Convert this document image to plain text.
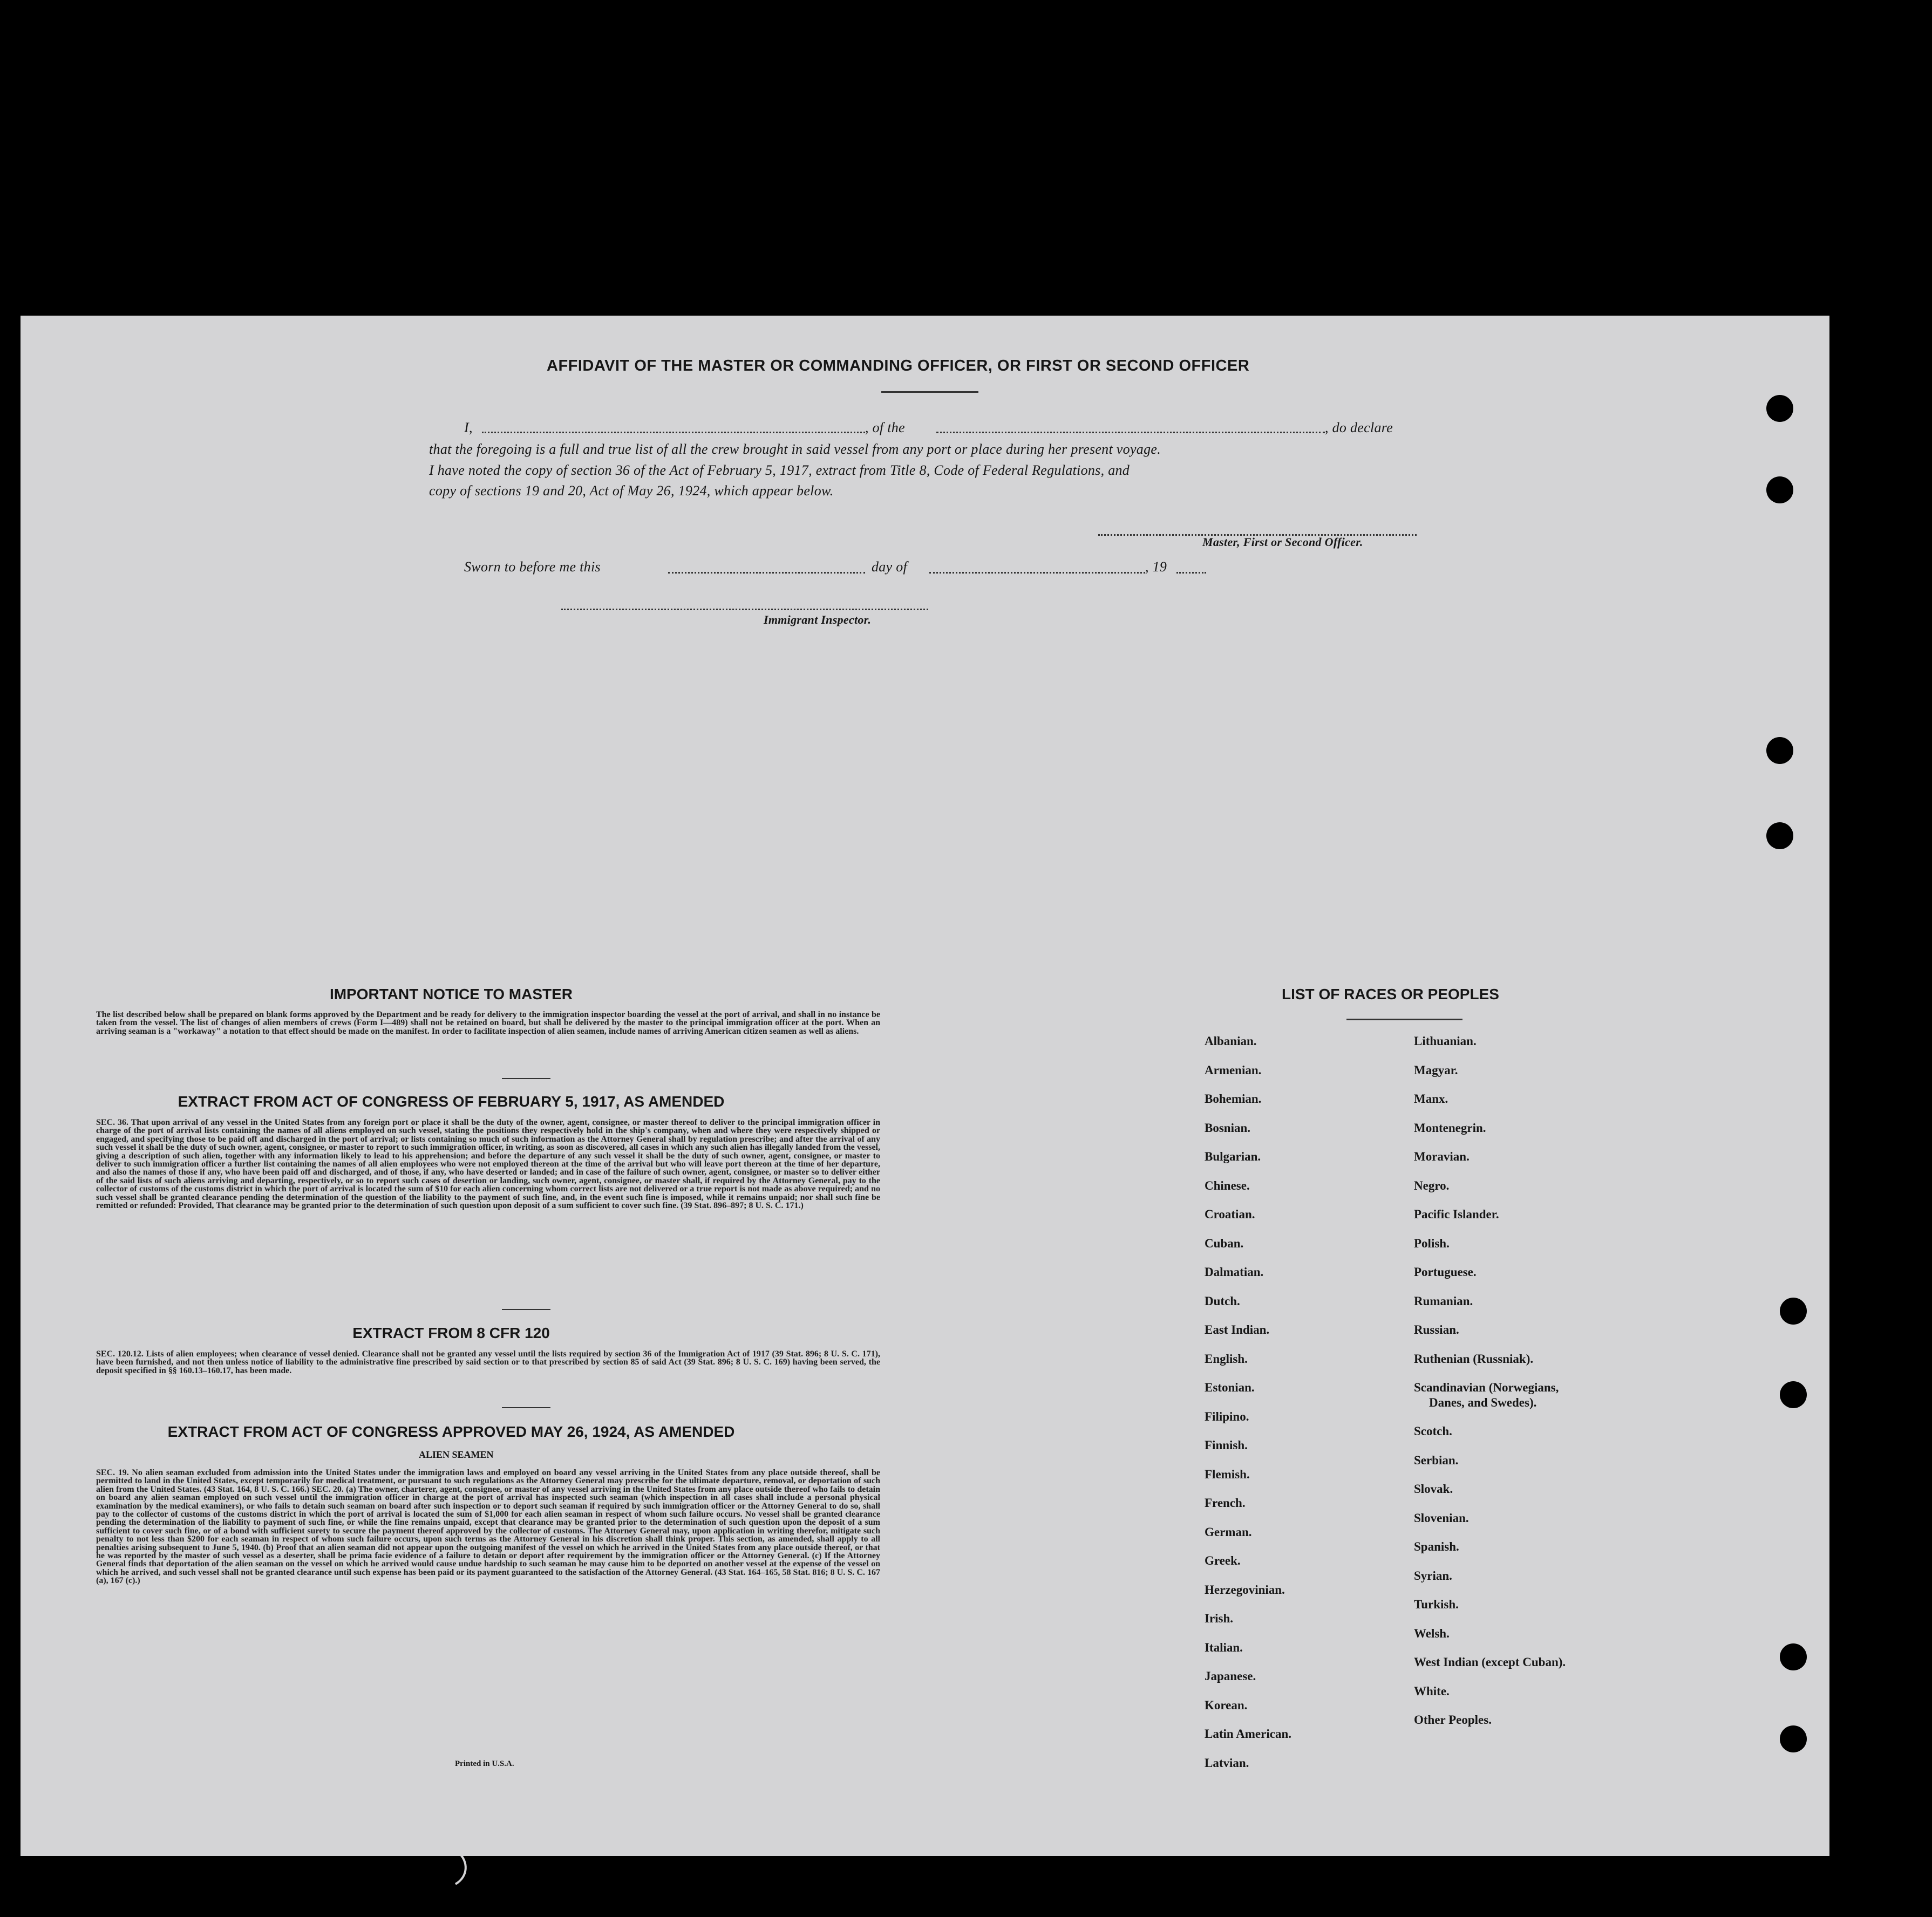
AFFIDAVIT OF THE MASTER OR COMMANDING OFFICER, OR FIRST OR SECOND OFFICER
I,	, of the	, do declare
that the foregoing is a full and true list of all the crew brought in said vessel from any port or place during her present voyage.
I have noted the copy of section 36 of the Act of February 5, 1917, extract from Title 8, Code of Federal Regulations, and
copy of sections 19 and 20, Act of May 26, 1924, which appear below.
Master, First or Second Officer.
Sworn to before me this	day of	, 19
Immigrant Inspector.
IMPORTANT NOTICE TO MASTER
The list described below shall be prepared on blank forms approved by the Department and be ready for delivery to the immigration inspector boarding the vessel at the port of arrival, and shall in no instance be taken from the vessel. The list of changes of alien members of crews (Form I—489) shall not be retained on board, but shall be delivered by the master to the principal immigration officer at the port. When an arriving seaman is a "workaway" a notation to that effect should be made on the manifest. In order to facilitate inspection of alien seamen, include names of arriving American citizen seamen as well as aliens.
EXTRACT FROM ACT OF CONGRESS OF FEBRUARY 5, 1917, AS AMENDED
SEC. 36. That upon arrival of any vessel in the United States from any foreign port or place it shall be the duty of the owner, agent, consignee, or master thereof to deliver to the principal immigration officer in charge of the port of arrival lists containing the names of all aliens employed on such vessel, stating the positions they respectively hold in the ship's company, when and where they were respectively shipped or engaged, and specifying those to be paid off and discharged in the port of arrival; or lists containing so much of such information as the Attorney General shall by regulation prescribe; and after the arrival of any such vessel it shall be the duty of such owner, agent, consignee, or master to report to such immigration officer, in writing, as soon as discovered, all cases in which any such alien has illegally landed from the vessel, giving a description of such alien, together with any information likely to lead to his apprehension; and before the departure of any such vessel it shall be the duty of such owner, agent, consignee, or master to deliver to such immigration officer a further list containing the names of all alien employees who were not employed thereon at the time of the arrival but who will leave port thereon at the time of her departure, and also the names of those if any, who have been paid off and discharged, and of those, if any, who have deserted or landed; and in case of the failure of such owner, agent, consignee, or master so to deliver either of the said lists of such aliens arriving and departing, respectively, or so to report such cases of desertion or landing, such owner, agent, consignee, or master shall, if required by the Attorney General, pay to the collector of customs of the customs district in which the port of arrival is located the sum of $10 for each alien concerning whom correct lists are not delivered or a true report is not made as above required; and no such vessel shall be granted clearance pending the determination of the question of the liability to the payment of such fine, and, in the event such fine is imposed, while it remains unpaid; nor shall such fine be remitted or refunded: Provided, That clearance may be granted prior to the determination of such question upon deposit of a sum sufficient to cover such fine. (39 Stat. 896–897; 8 U. S. C. 171.)
EXTRACT FROM 8 CFR 120
SEC. 120.12. Lists of alien employees; when clearance of vessel denied. Clearance shall not be granted any vessel until the lists required by section 36 of the Immigration Act of 1917 (39 Stat. 896; 8 U. S. C. 171), have been furnished, and not then unless notice of liability to the administrative fine prescribed by said section or to that prescribed by section 85 of said Act (39 Stat. 896; 8 U. S. C. 169) having been served, the deposit specified in §§ 160.13–160.17, has been made.
EXTRACT FROM ACT OF CONGRESS APPROVED MAY 26, 1924, AS AMENDED
ALIEN SEAMEN
SEC. 19. No alien seaman excluded from admission into the United States under the immigration laws and employed on board any vessel arriving in the United States from any place outside thereof, shall be permitted to land in the United States, except temporarily for medical treatment, or pursuant to such regulations as the Attorney General may prescribe for the ultimate departure, removal, or deportation of such alien from the United States. (43 Stat. 164, 8 U. S. C. 166.) SEC. 20. (a) The owner, charterer, agent, consignee, or master of any vessel arriving in the United States from any place outside thereof who fails to detain on board any alien seaman employed on such vessel until the immigration officer in charge at the port of arrival has inspected such seaman (which inspection in all cases shall include a personal physical examination by the medical examiners), or who fails to detain such seaman on board after such inspection or to deport such seaman if required by such immigration officer or the Attorney General to do so, shall pay to the collector of customs of the customs district in which the port of arrival is located the sum of $1,000 for each alien seaman in respect of whom such failure occurs. No vessel shall be granted clearance pending the determination of the liability to payment of such fine, or while the fine remains unpaid, except that clearance may be granted prior to the determination of such question upon the deposit of a sum sufficient to cover such fine, or of a bond with sufficient surety to secure the payment thereof approved by the collector of customs. The Attorney General may, upon application in writing therefor, mitigate such penalty to not less than $200 for each seaman in respect of whom such failure occurs, upon such terms as the Attorney General in his discretion shall think proper. This section, as amended, shall apply to all penalties arising subsequent to June 5, 1940. (b) Proof that an alien seaman did not appear upon the outgoing manifest of the vessel on which he arrived in the United States from any place outside thereof, or that he was reported by the master of such vessel as a deserter, shall be prima facie evidence of a failure to detain or deport after requirement by the immigration officer or the Attorney General. (c) If the Attorney General finds that deportation of the alien seaman on the vessel on which he arrived would cause undue hardship to such seaman he may cause him to be deported on another vessel at the expense of the vessel on which he arrived, and such vessel shall not be granted clearance until such expense has been paid or its payment guaranteed to the satisfaction of the Attorney General. (43 Stat. 164–165, 58 Stat. 816; 8 U. S. C. 167 (a), 167 (c).)
Printed in U.S.A.
LIST OF RACES OR PEOPLES
Albanian.
Armenian.
Bohemian.
Bosnian.
Bulgarian.
Chinese.
Croatian.
Cuban.
Dalmatian.
Dutch.
East Indian.
English.
Estonian.
Filipino.
Finnish.
Flemish.
French.
German.
Greek.
Herzegovinian.
Irish.
Italian.
Japanese.
Korean.
Latin American.
Latvian.
Lithuanian.
Magyar.
Manx.
Montenegrin.
Moravian.
Negro.
Pacific Islander.
Polish.
Portuguese.
Rumanian.
Russian.
Ruthenian (Russniak).
Scandinavian (Norwegians,
Danes, and Swedes).
Scotch.
Serbian.
Slovak.
Slovenian.
Spanish.
Syrian.
Turkish.
Welsh.
West Indian (except Cuban).
White.
Other Peoples.
